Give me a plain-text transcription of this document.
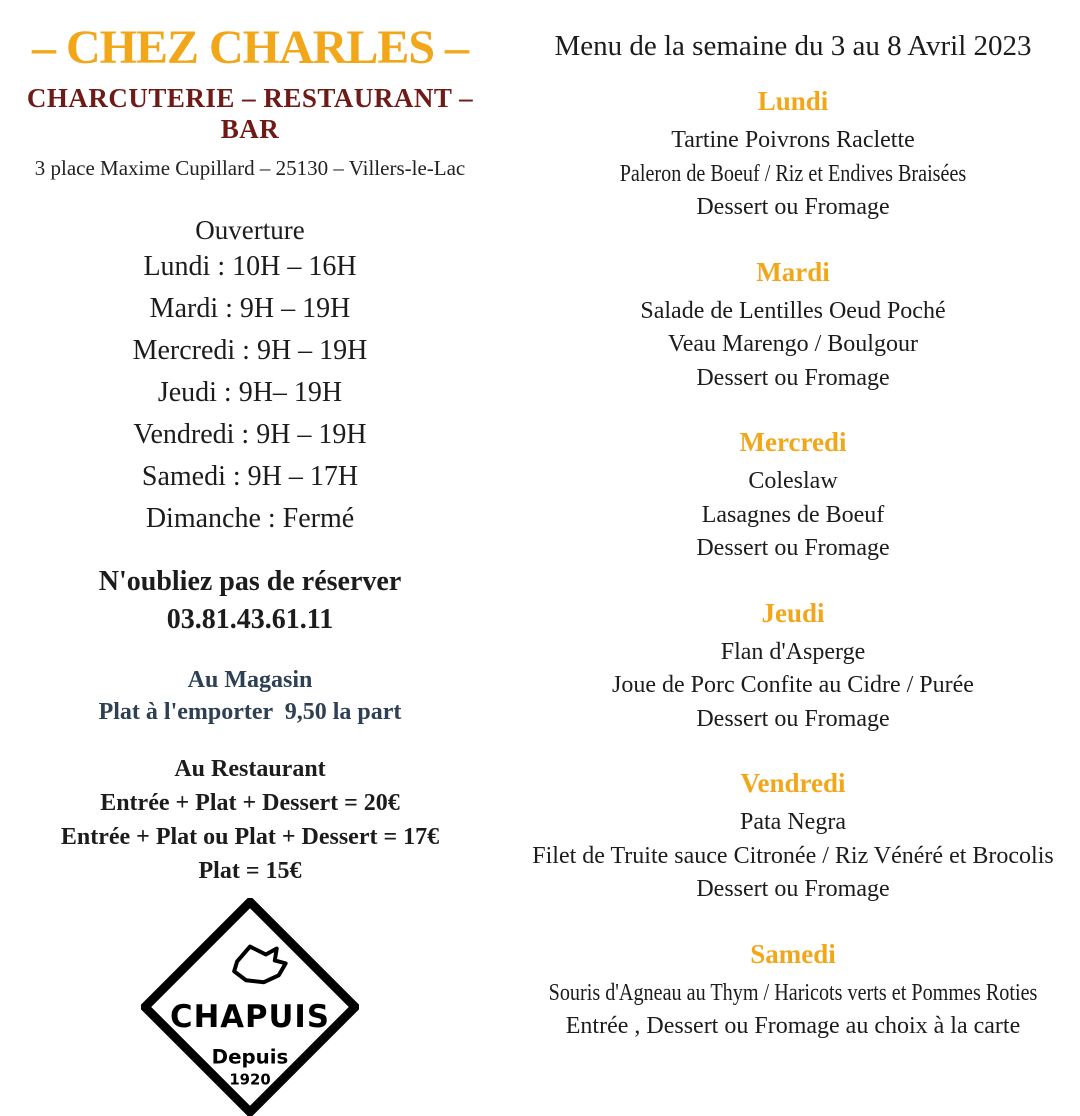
– CHEZ CHARLES –
CHARCUTERIE – RESTAURANT – BAR
3 place Maxime Cupillard – 25130 – Villers-le-Lac
Ouverture
Lundi : 10H – 16H
Mardi : 9H – 19H
Mercredi : 9H – 19H
Jeudi : 9H– 19H
Vendredi : 9H – 19H
Samedi : 9H – 17H
Dimanche : Fermé
N'oubliez pas de réserver
03.81.43.61.11
Au Magasin
Plat à l'emporter  9,50 la part
Au Restaurant
Entrée + Plat + Dessert = 20€
Entrée + Plat ou Plat + Dessert = 17€
Plat = 15€
CHAPUIS
Depuis
1920
Menu de la semaine du 3 au 8 Avril 2023
Lundi

Tartine Poivrons Raclette

Paleron de Boeuf / Riz et Endives Braisées

Dessert ou Fromage

Mardi

Salade de Lentilles Oeud Poché

Veau Marengo / Boulgour

Dessert ou Fromage

Mercredi

Coleslaw

Lasagnes de Boeuf

Dessert ou Fromage

Jeudi

Flan d'Asperge

Joue de Porc Confite au Cidre / Purée

Dessert ou Fromage

Vendredi

Pata Negra

Filet de Truite sauce Citronée / Riz Vénéré et Brocolis

Dessert ou Fromage

Samedi

Souris d'Agneau au Thym / Haricots verts et Pommes Roties

Entrée , Dessert ou Fromage au choix à la carte
